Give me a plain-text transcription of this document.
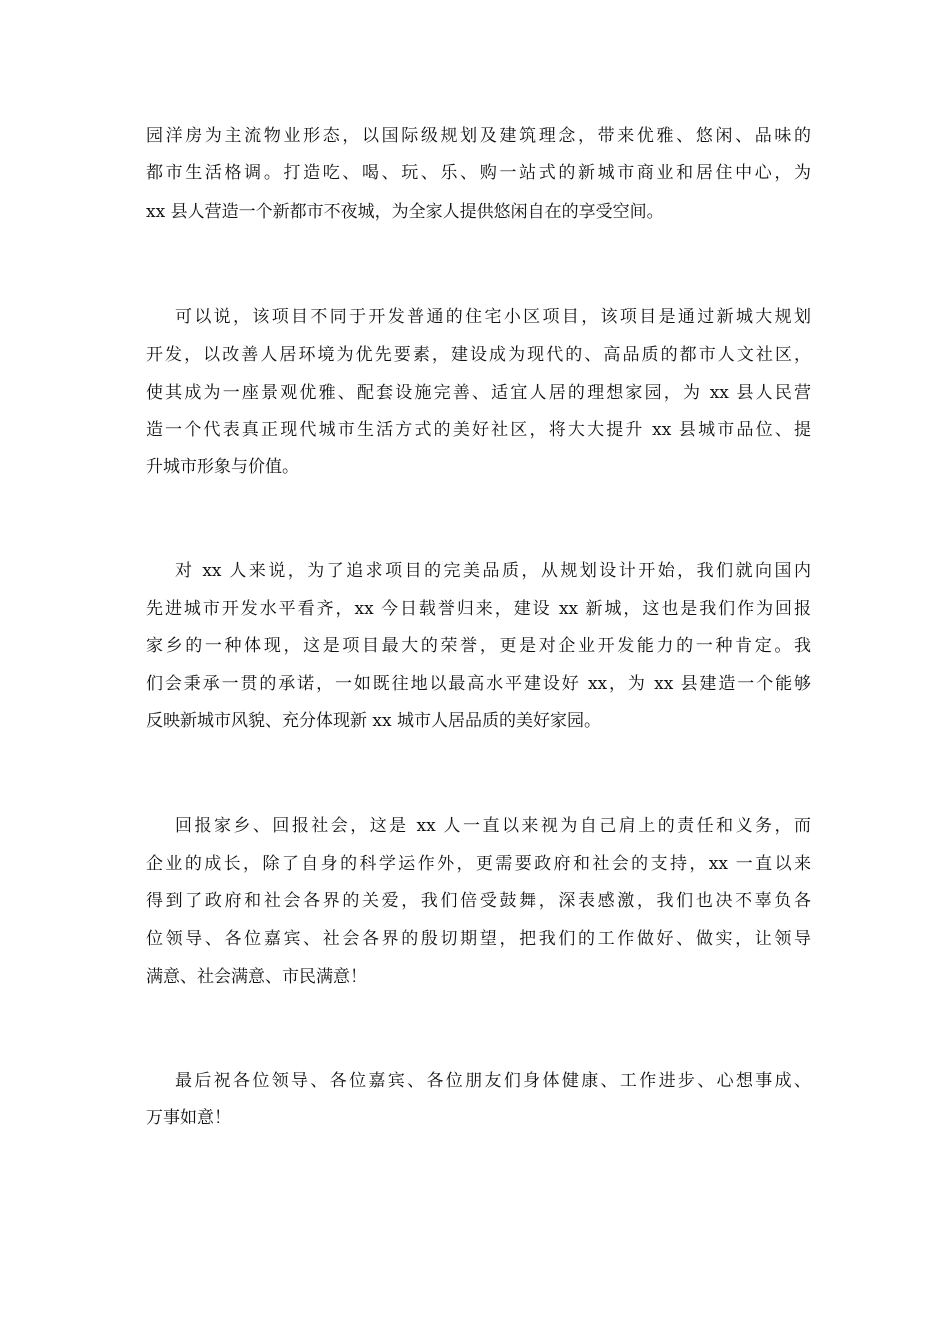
园洋房为主流物业形态，以国际级规划及建筑理念，带来优雅、悠闲、品味的
都市生活格调。打造吃、喝、玩、乐、购一站式的新城市商业和居住中心，为
xx 县人营造一个新都市不夜城，为全家人提供悠闲自在的享受空间。
可以说，该项目不同于开发普通的住宅小区项目，该项目是通过新城大规划
开发，以改善人居环境为优先要素，建设成为现代的、高品质的都市人文社区，
使其成为一座景观优雅、配套设施完善、适宜人居的理想家园，为 xx 县人民营
造一个代表真正现代城市生活方式的美好社区，将大大提升 xx 县城市品位、提
升城市形象与价值。
对 xx 人来说，为了追求项目的完美品质，从规划设计开始，我们就向国内
先进城市开发水平看齐，xx 今日载誉归来，建设 xx 新城，这也是我们作为回报
家乡的一种体现，这是项目最大的荣誉，更是对企业开发能力的一种肯定。我
们会秉承一贯的承诺，一如既往地以最高水平建设好 xx，为 xx 县建造一个能够
反映新城市风貌、充分体现新 xx 城市人居品质的美好家园。
回报家乡、回报社会，这是 xx 人一直以来视为自己肩上的责任和义务，而
企业的成长，除了自身的科学运作外，更需要政府和社会的支持，xx 一直以来
得到了政府和社会各界的关爱，我们倍受鼓舞，深表感激，我们也决不辜负各
位领导、各位嘉宾、社会各界的殷切期望，把我们的工作做好、做实，让领导
满意、社会满意、市民满意！
最后祝各位领导、各位嘉宾、各位朋友们身体健康、工作进步、心想事成、
万事如意！
